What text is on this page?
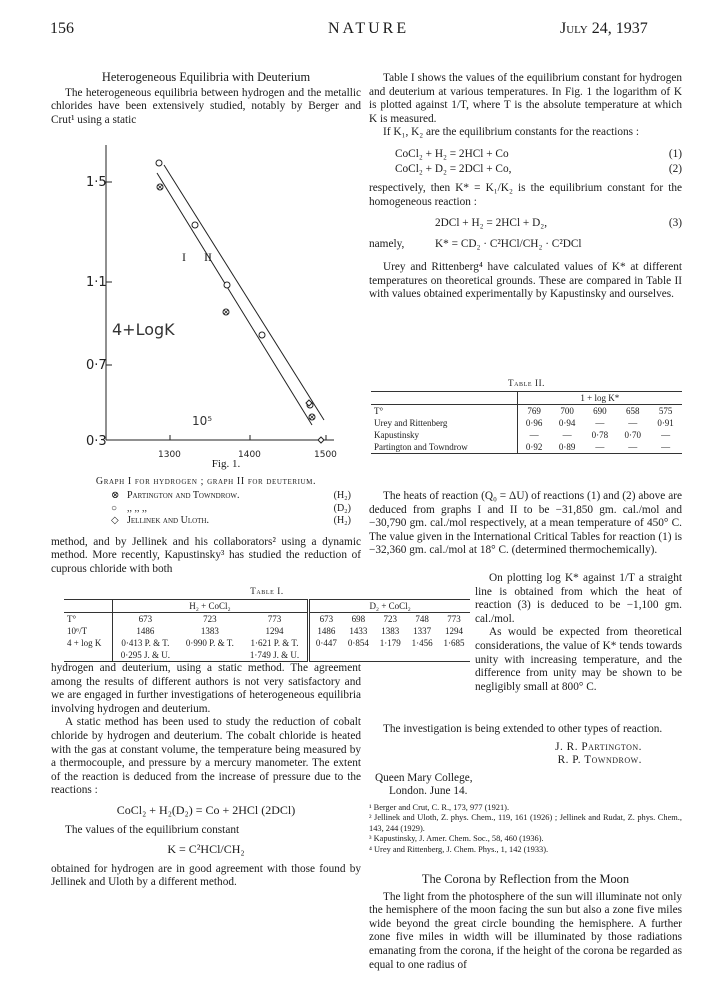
156	NATURE	July 24, 1937

Heterogeneous Equilibria with Deuterium

The heterogeneous equilibria between hydrogen and the metallic chlorides have been extensively studied, notably by Berger and Crut¹ using a static

1·5
1·1
0·7
0·3
1300	1400	1500
4+LogK
10⁵
I II

Fig. 1.

Graph I for hydrogen ; graph II for deuterium.

⊗ Partington and Towndrow.	(H₂)
○ ,, ,, ,,	(D₂)
◇ Jellinek and Uloth.	(H₂)

method, and by Jellinek and his collaborators² using a dynamic method. More recently, Kapustinsky³ has studied the reduction of cuprous chloride with both

Table I.

	H₂ + CoCl₂			D₂ + CoCl₂				
T°	673	723	773	673	698	723	748	773
10⁶/T	1486	1383	1294	1486	1433	1383	1337	1294
4 + log K	0·413 P. & T.	0·990 P. & T.	1·621 P. & T.	0·447	0·854	1·179	1·456	1·685
	0·295 J. & U.		1·749 J. & U.					

hydrogen and deuterium, using a static method. The agreement among the results of different authors is not very satisfactory and we are engaged in further investigations of heterogeneous equilibria involving hydrogen and deuterium.

A static method has been used to study the reduction of cobalt chloride by hydrogen and deuterium. The cobalt chloride is heated with the gas at constant volume, the temperature being measured by a thermocouple, and pressure by a mercury manometer. The extent of the reaction is deduced from the increase of pressure due to the reactions :

CoCl₂ + H₂(D₂) = Co + 2HCl (2DCl)

The values of the equilibrium constant

K = C²HCl/CH₂

obtained for hydrogen are in good agreement with those found by Jellinek and Uloth by a different method.

Table I shows the values of the equilibrium constant for hydrogen and deuterium at various temperatures. In Fig. 1 the logarithm of K is plotted against 1/T, where T is the absolute temperature at which K is measured.

If K₁, K₂ are the equilibrium constants for the reactions :

CoCl₂ + H₂ = 2HCl + Co	(1)
CoCl₂ + D₂ = 2DCl + Co,	(2)

respectively, then K* = K₁/K₂ is the equilibrium constant for the homogeneous reaction :

2DCl + H₂ = 2HCl + D₂,	(3)
namely,	K* = CD₂ · C²HCl/CH₂ · C²DCl

Urey and Rittenberg⁴ have calculated values of K* at different temperatures on theoretical grounds. These are compared in Table II with values obtained experimentally by Kapustinsky and ourselves.

Table II.

	1 + log K*				
T°	769	700	690	658	575
Urey and Rittenberg	0·96	0·94	—	—	0·91
Kapustinsky	—	—	0·78	0·70	—
Partington and Towndrow	0·92	0·89	—	—	—

The heats of reaction (Q₀ = ΔU) of reactions (1) and (2) above are deduced from graphs I and II to be −31,850 gm. cal./mol and −30,790 gm. cal./mol respectively, at a mean temperature of 450° C. The value given in the International Critical Tables for reaction (1) is −32,360 gm. cal./mol at 18° C. (determined thermochemically).

On plotting log K* against 1/T a straight line is obtained from which the heat of reaction (3) is deduced to be −1,100 gm. cal./mol.

As would be expected from theoretical considerations, the value of K* tends towards unity with increasing temperature, and the difference from unity may be shown to be negligibly small at 800° C.

The investigation is being extended to other types of reaction.

J. R. Partington.

R. P. Towndrow.

Queen Mary College,

London. June 14.

¹ Berger and Crut, C. R., 173, 977 (1921).

² Jellinek and Uloth, Z. phys. Chem., 119, 161 (1926) ; Jellinek and Rudat, Z. phys. Chem., 143, 244 (1929).

³ Kapustinsky, J. Amer. Chem. Soc., 58, 460 (1936).

⁴ Urey and Rittenberg, J. Chem. Phys., 1, 142 (1933).

The Corona by Reflection from the Moon

The light from the photosphere of the sun will illuminate not only the hemisphere of the moon facing the sun but also a zone five miles wide beyond the great circle bounding the hemisphere. A further zone five miles in width will be illuminated by those radiations emanating from the corona, if the height of the corona be regarded as equal to one radius of
